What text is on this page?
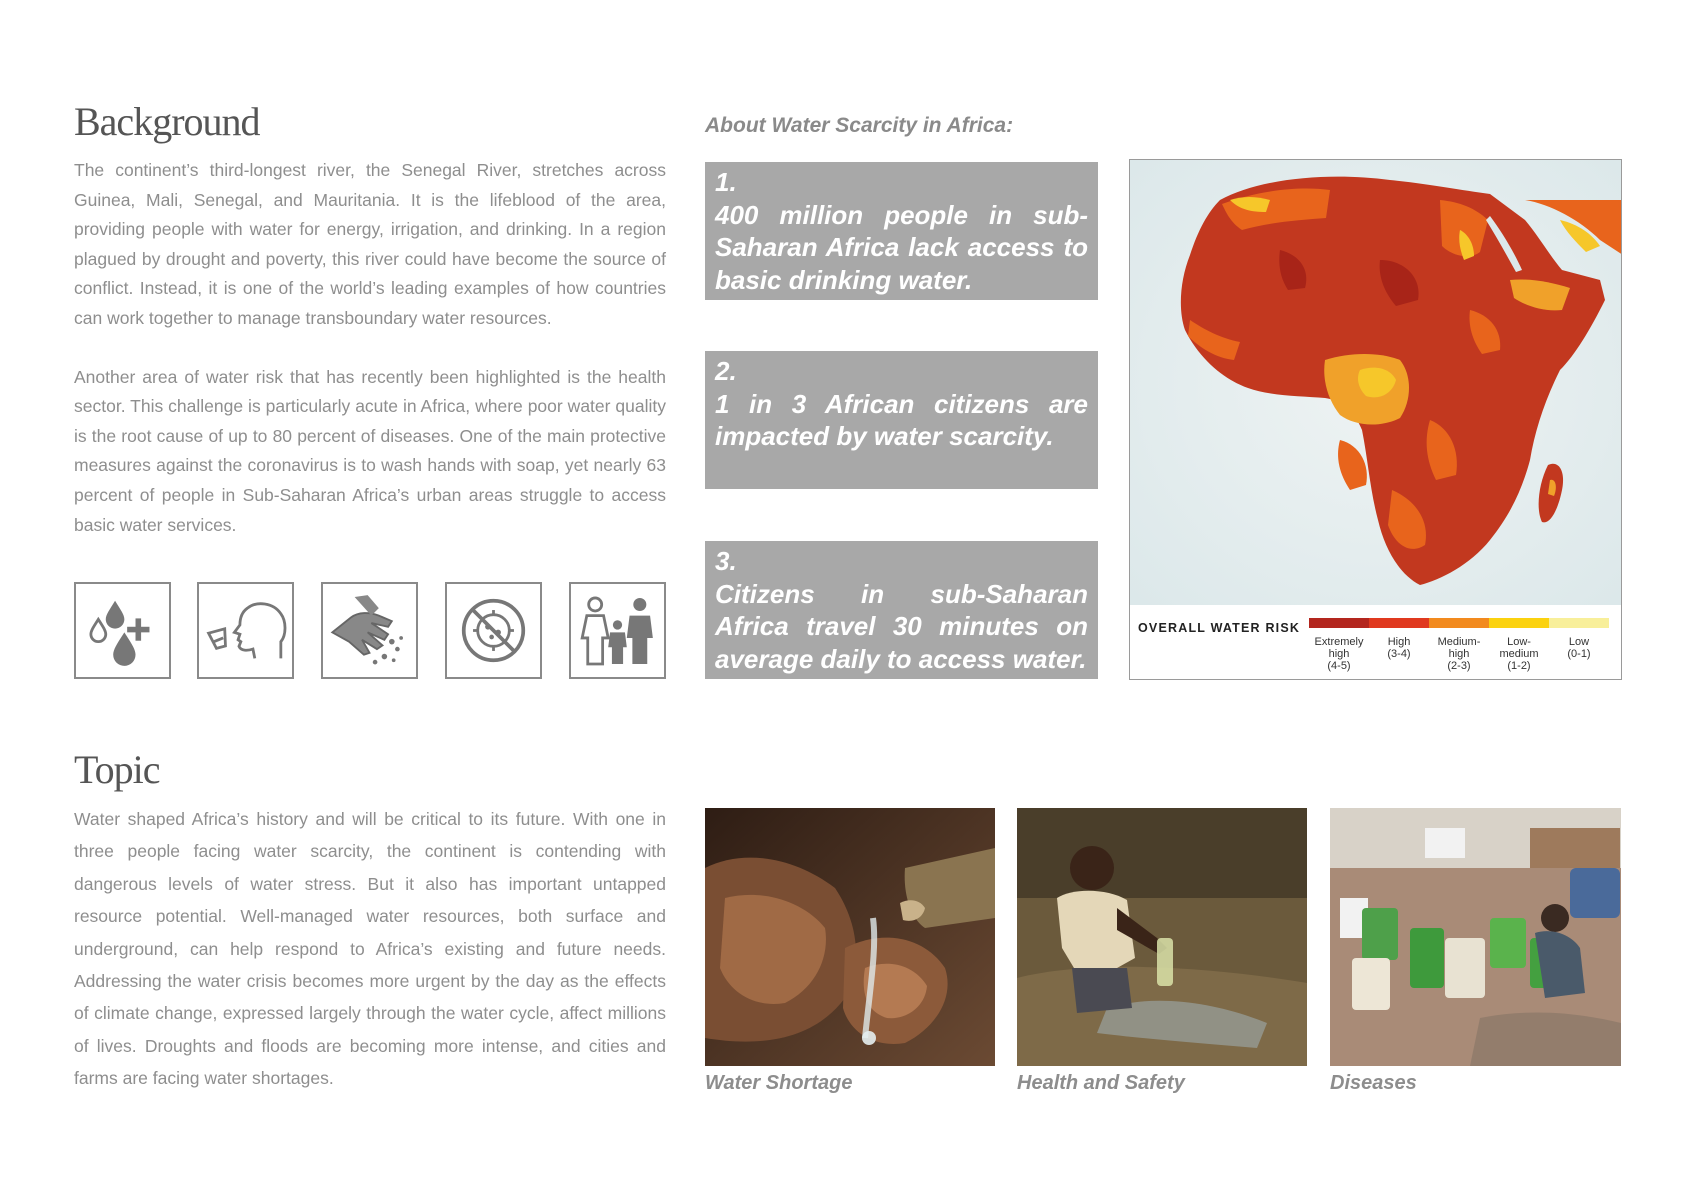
Background

The continent’s third-longest river, the Senegal River, stretches across Guinea, Mali, Senegal, and Mauritania. It is the lifeblood of the area, providing people with water for energy, irrigation, and drinking. In a region plagued by drought and poverty, this river could have become the source of conflict. Instead, it is one of the world’s leading examples of how countries can work together to manage transboundary water resources.

Another area of water risk that has recently been highlighted is the health sector. This challenge is particularly acute in Africa, where poor water quality is the root cause of up to 80 percent of diseases. One of the main protective measures against the coronavirus is to wash hands with soap, yet nearly 63 percent of people in Sub-Saharan Africa’s urban areas struggle to access basic water services.

About Water Scarcity in Africa:
1.
400 million people in sub-Saharan Africa lack access to basic drinking water.
2.
1 in 3 African citizens are impacted by water scarcity.
3.
Citizens in sub-Saharan Africa travel 30 minutes on average daily to access water.
OVERALL WATER RISK
Extremely high
(4-5)
High
(3-4)
Medium-high
(2-3)
Low-medium
(1-2)
Low
(0-1)
Topic
Water shaped Africa’s history and will be critical to its future. With one in three people facing water scarcity, the continent is contending with dangerous levels of water stress. But it also has important untapped resource potential. Well-managed water resources, both surface and underground, can help respond to Africa’s existing and future needs. Addressing the water crisis becomes more urgent by the day as the effects of climate change, expressed largely through the water cycle, affect millions of lives. Droughts and floods are becoming more intense, and cities and farms are facing water shortages.	Water Shortage	Health and Safety	Diseases
